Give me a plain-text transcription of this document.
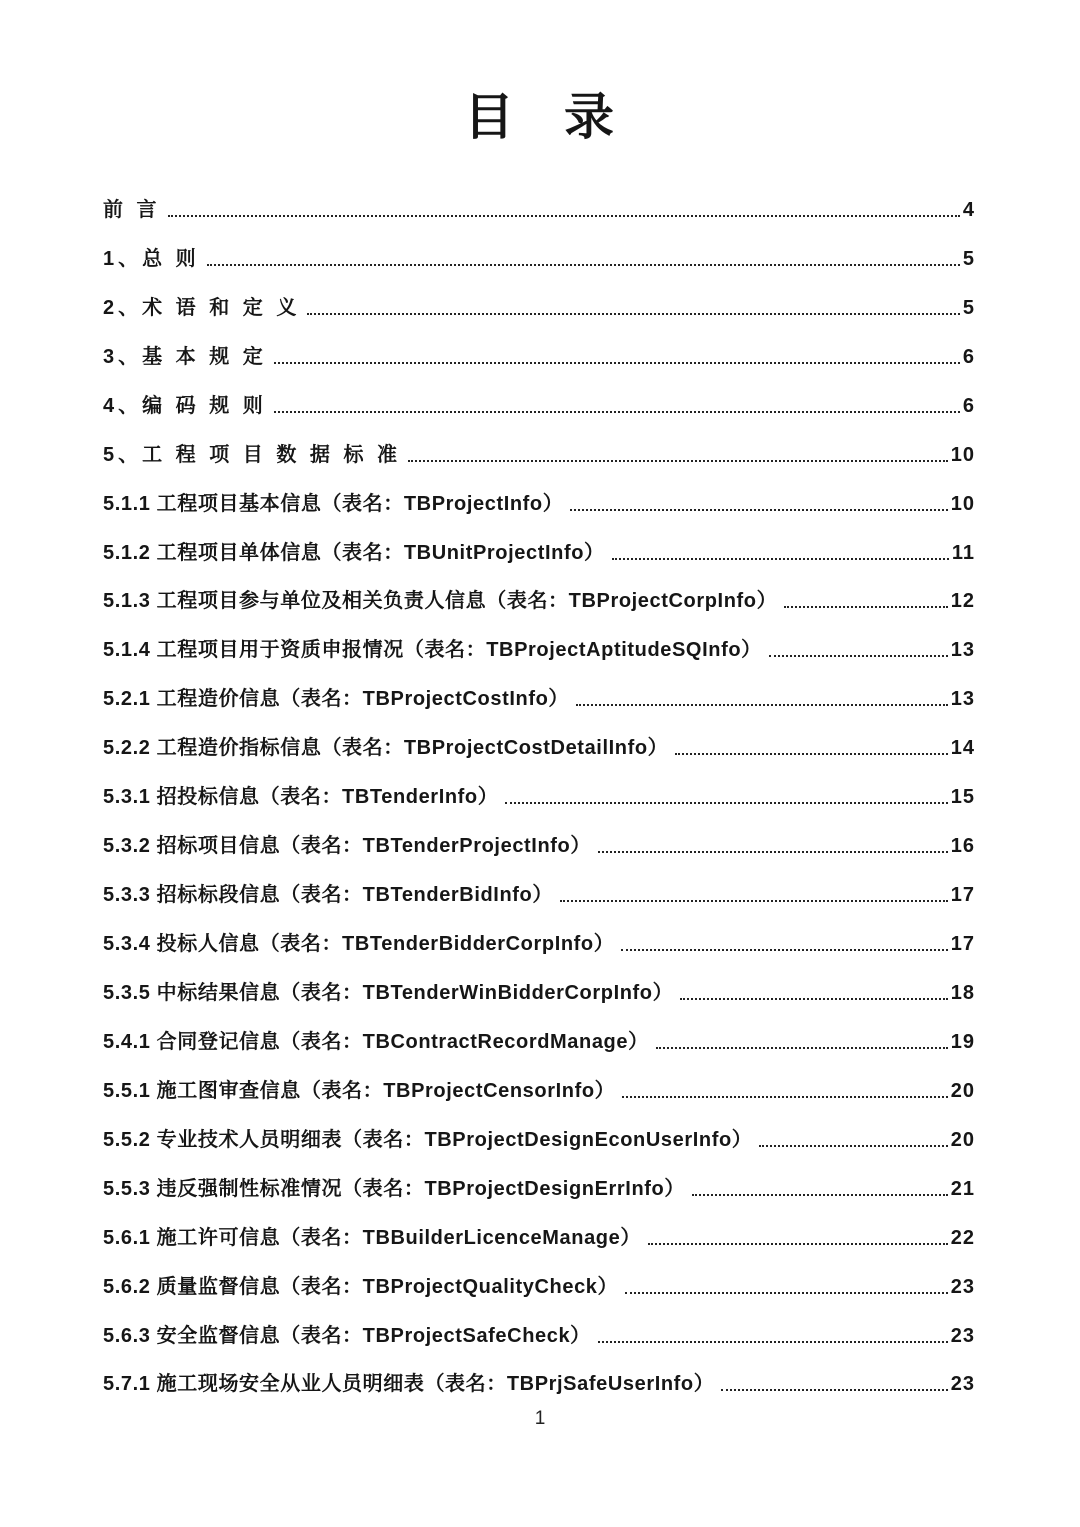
目 录
前 言	4
1、总 则	5
2、术 语 和 定 义	5
3、基 本 规 定	6
4、编 码 规 则	6
5、工 程 项 目 数 据 标 准	10
5.1.1 工程项目基本信息（表名：TBProjectInfo）	10
5.1.2 工程项目单体信息（表名：TBUnitProjectInfo）	11
5.1.3 工程项目参与单位及相关负责人信息（表名：TBProjectCorpInfo）	12
5.1.4 工程项目用于资质申报情况（表名：TBProjectAptitudeSQInfo）	13
5.2.1 工程造价信息（表名：TBProjectCostInfo）	13
5.2.2 工程造价指标信息（表名：TBProjectCostDetailInfo）	14
5.3.1 招投标信息（表名：TBTenderInfo）	15
5.3.2 招标项目信息（表名：TBTenderProjectInfo）	16
5.3.3 招标标段信息（表名：TBTenderBidInfo）	17
5.3.4 投标人信息（表名：TBTenderBidderCorpInfo）	17
5.3.5 中标结果信息（表名：TBTenderWinBidderCorpInfo）	18
5.4.1 合同登记信息（表名：TBContractRecordManage）	19
5.5.1 施工图审查信息（表名：TBProjectCensorInfo）	20
5.5.2 专业技术人员明细表（表名：TBProjectDesignEconUserInfo）	20
5.5.3 违反强制性标准情况（表名：TBProjectDesignErrInfo）	21
5.6.1 施工许可信息（表名：TBBuilderLicenceManage）	22
5.6.2 质量监督信息（表名：TBProjectQualityCheck）	23
5.6.3 安全监督信息（表名：TBProjectSafeCheck）	23
5.7.1 施工现场安全从业人员明细表（表名：TBPrjSafeUserInfo）	23
1
